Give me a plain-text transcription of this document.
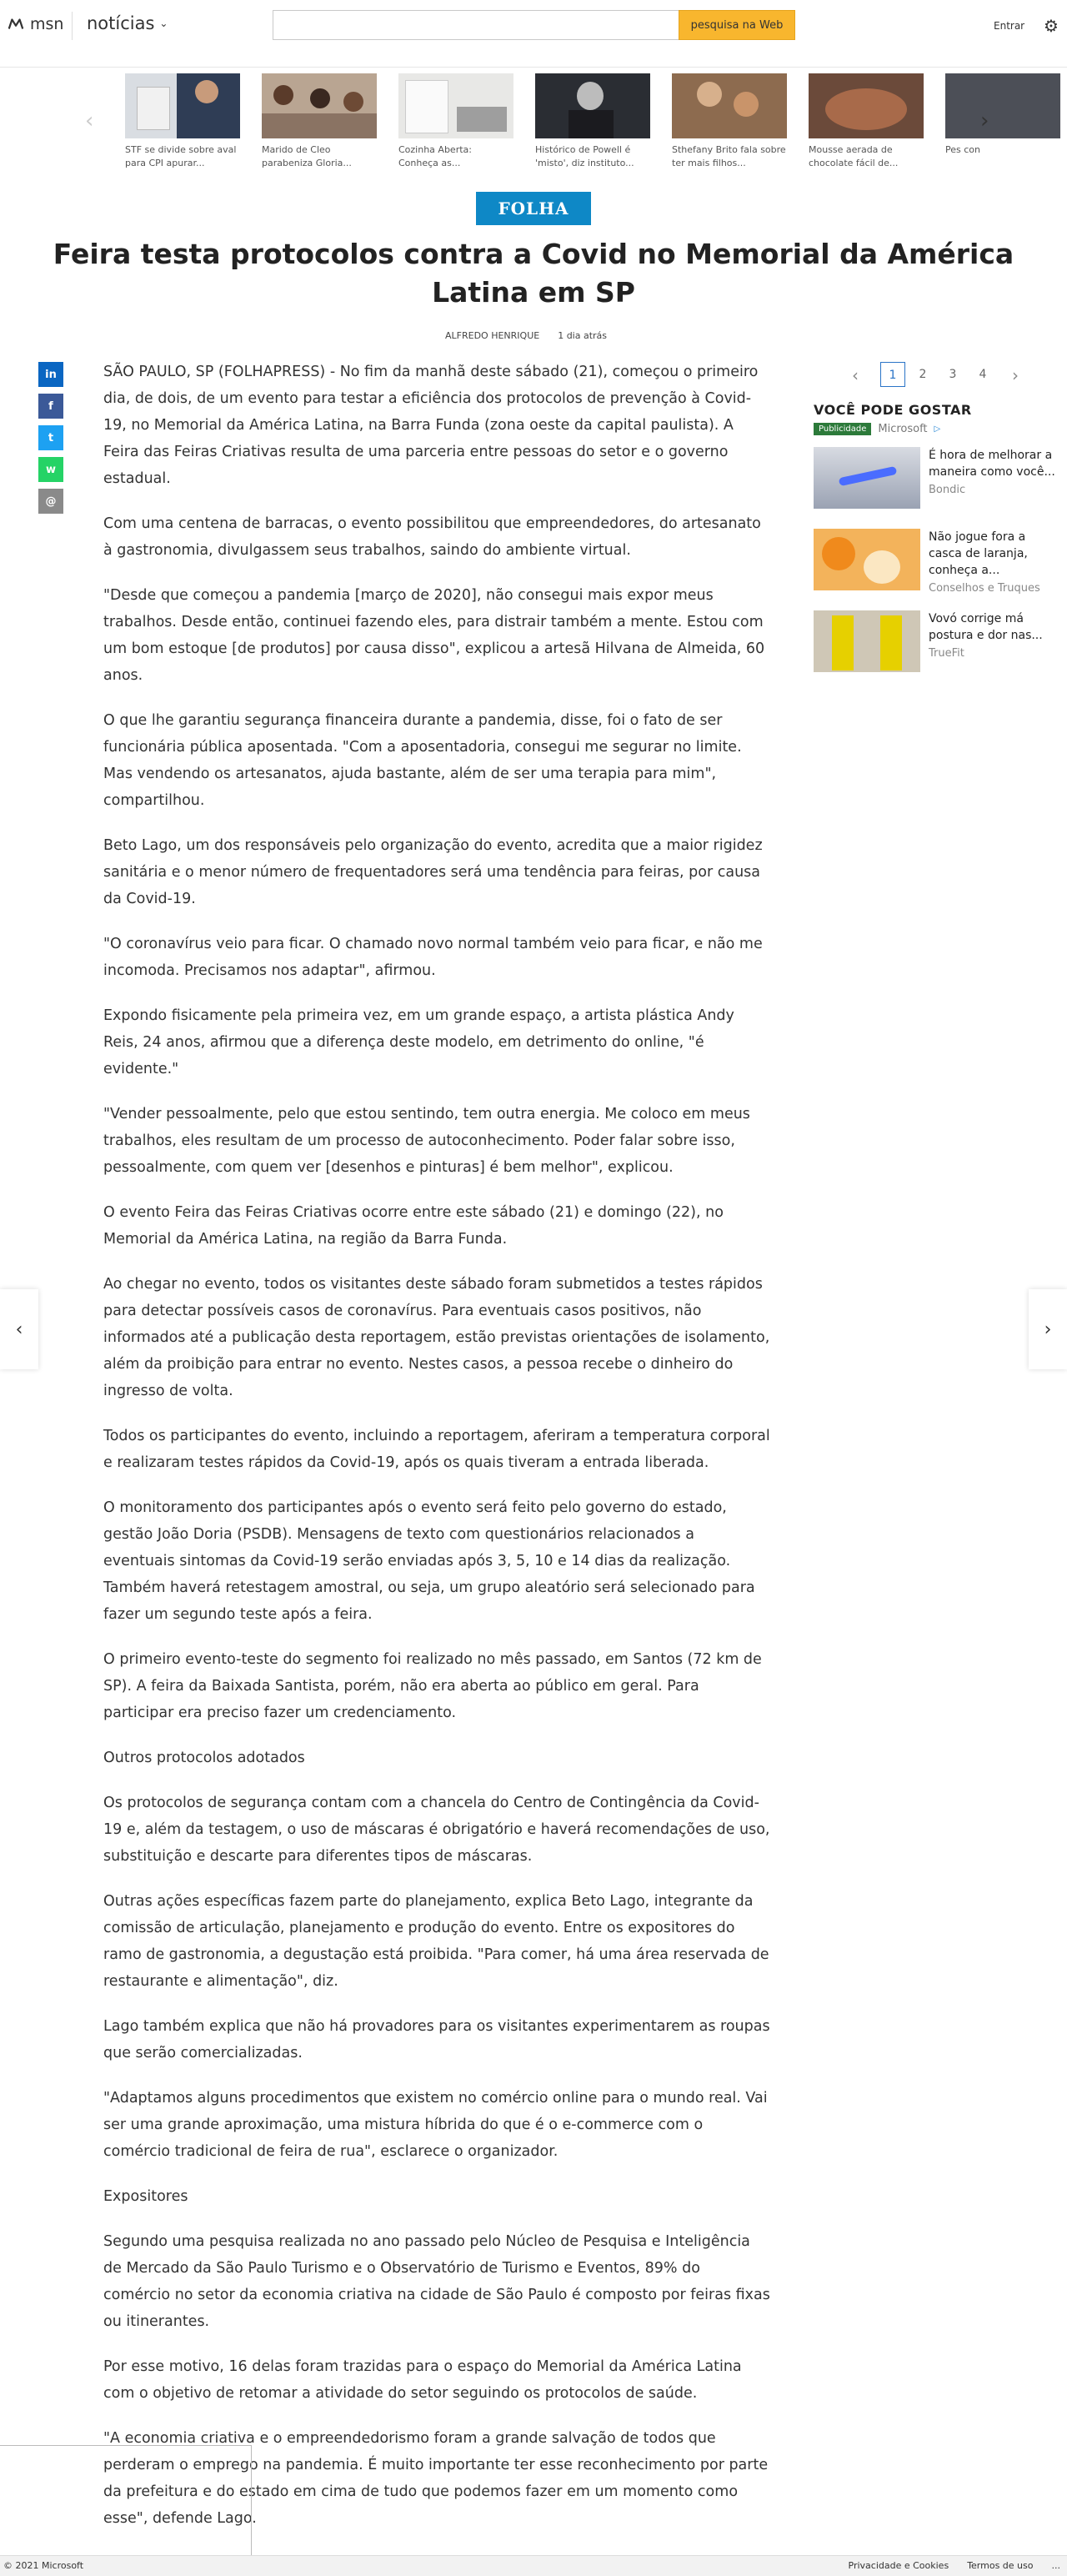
msn notícias ⌄	pesquisa na Web	Entrar ⚙
‹
STF se divide sobre aval para CPI apurar...
Marido de Cleo parabeniza Gloria...
Cozinha Aberta: Conheça as...
Histórico de Powell é 'misto', diz instituto...
Sthefany Brito fala sobre ter mais filhos...
Mousse aerada de chocolate fácil de...
Pes con
›
FOLHA
Feira testa protocolos contra a Covid no Memorial da América Latina em SP
ALFREDO HENRIQUE 1 dia atrás
in
f
t
w
@

SÃO PAULO, SP (FOLHAPRESS) - No fim da manhã deste sábado (21), começou o primeiro dia, de dois, de um evento para testar a eficiência dos protocolos de prevenção à Covid-19, no Memorial da América Latina, na Barra Funda (zona oeste da capital paulista). A Feira das Feiras Criativas resulta de uma parceria entre pessoas do setor e o governo estadual.

Com uma centena de barracas, o evento possibilitou que empreendedores, do artesanato à gastronomia, divulgassem seus trabalhos, saindo do ambiente virtual.

"Desde que começou a pandemia [março de 2020], não consegui mais expor meus trabalhos. Desde então, continuei fazendo eles, para distrair também a mente. Estou com um bom estoque [de produtos] por causa disso", explicou a artesã Hilvana de Almeida, 60 anos.

O que lhe garantiu segurança financeira durante a pandemia, disse, foi o fato de ser funcionária pública aposentada. "Com a aposentadoria, consegui me segurar no limite. Mas vendendo os artesanatos, ajuda bastante, além de ser uma terapia para mim", compartilhou.

Beto Lago, um dos responsáveis pelo organização do evento, acredita que a maior rigidez sanitária e o menor número de frequentadores será uma tendência para feiras, por causa da Covid-19.

"O coronavírus veio para ficar. O chamado novo normal também veio para ficar, e não me incomoda. Precisamos nos adaptar", afirmou.

Expondo fisicamente pela primeira vez, em um grande espaço, a artista plástica Andy Reis, 24 anos, afirmou que a diferença deste modelo, em detrimento do online, "é evidente."

"Vender pessoalmente, pelo que estou sentindo, tem outra energia. Me coloco em meus trabalhos, eles resultam de um processo de autoconhecimento. Poder falar sobre isso, pessoalmente, com quem ver [desenhos e pinturas] é bem melhor", explicou.

O evento Feira das Feiras Criativas ocorre entre este sábado (21) e domingo (22), no Memorial da América Latina, na região da Barra Funda.

Ao chegar no evento, todos os visitantes deste sábado foram submetidos a testes rápidos para detectar possíveis casos de coronavírus. Para eventuais casos positivos, não informados até a publicação desta reportagem, estão previstas orientações de isolamento, além da proibição para entrar no evento. Nestes casos, a pessoa recebe o dinheiro do ingresso de volta.

Todos os participantes do evento, incluindo a reportagem, aferiram a temperatura corporal e realizaram testes rápidos da Covid-19, após os quais tiveram a entrada liberada.

O monitoramento dos participantes após o evento será feito pelo governo do estado, gestão João Doria (PSDB). Mensagens de texto com questionários relacionados a eventuais sintomas da Covid-19 serão enviadas após 3, 5, 10 e 14 dias da realização. Também haverá retestagem amostral, ou seja, um grupo aleatório será selecionado para fazer um segundo teste após a feira.

O primeiro evento-teste do segmento foi realizado no mês passado, em Santos (72 km de SP). A feira da Baixada Santista, porém, não era aberta ao público em geral. Para participar era preciso fazer um credenciamento.

Outros protocolos adotados

Os protocolos de segurança contam com a chancela do Centro de Contingência da Covid-19 e, além da testagem, o uso de máscaras é obrigatório e haverá recomendações de uso, substituição e descarte para diferentes tipos de máscaras.

Outras ações específicas fazem parte do planejamento, explica Beto Lago, integrante da comissão de articulação, planejamento e produção do evento. Entre os expositores do ramo de gastronomia, a degustação está proibida. "Para comer, há uma área reservada de restaurante e alimentação", diz.

Lago também explica que não há provadores para os visitantes experimentarem as roupas que serão comercializadas.

"Adaptamos alguns procedimentos que existem no comércio online para o mundo real. Vai ser uma grande aproximação, uma mistura híbrida do que é o e-commerce com o comércio tradicional de feira de rua", esclarece o organizador.

Expositores

Segundo uma pesquisa realizada no ano passado pelo Núcleo de Pesquisa e Inteligência de Mercado da São Paulo Turismo e o Observatório de Turismo e Eventos, 89% do comércio no setor da economia criativa na cidade de São Paulo é composto por feiras fixas ou itinerantes.

Por esse motivo, 16 delas foram trazidas para o espaço do Memorial da América Latina com o objetivo de retomar a atividade do setor seguindo os protocolos de saúde.

"A economia criativa e o empreendedorismo foram a grande salvação de todos que perderam o emprego na pandemia. É muito importante ter esse reconhecimento por parte da prefeitura e do estado em cima de tudo que podemos fazer em um momento como esse", defende Lago.

‹	1	2	3	4	›
VOCÊ PODE GOSTAR
Publicidade	Microsoft ▷
É hora de melhorar a maneira como você...
Bondic
Não jogue fora a casca de laranja, conheça a...
Conselhos e Truques
Vovó corrige má postura e dor nas...
TrueFit
‹	›
© 2021 Microsoft	Privacidade e Cookies Termos de uso ...
